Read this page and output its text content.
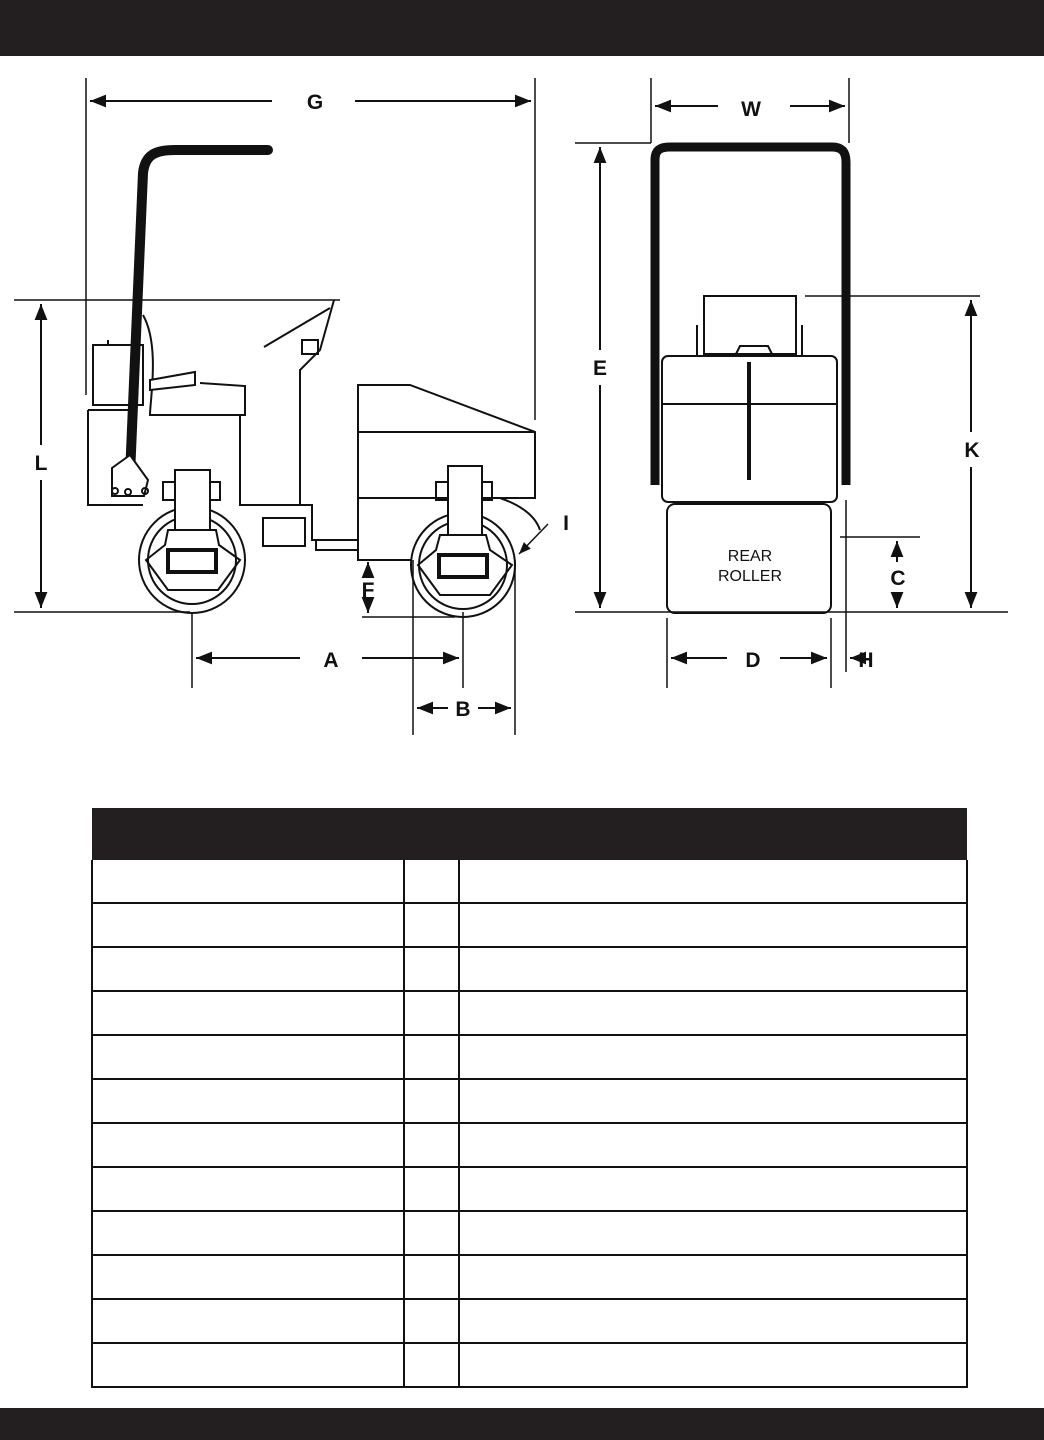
REAR
ROLLER
G
L
F
A
B
I
W
E
K
C
D	H
